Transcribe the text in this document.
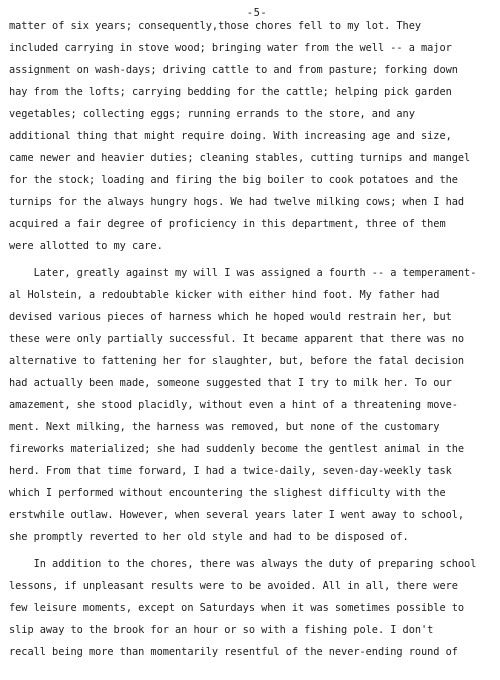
-5-
matter of six years; consequently,those chores fell to my lot. They
included carrying in stove wood; bringing water from the well -- a major
assignment on wash-days; driving cattle to and from pasture; forking down
hay from the lofts; carrying bedding for the cattle; helping pick garden
vegetables; collecting eggs; running errands to the store, and any
additional thing that might require doing. With increasing age and size,
came newer and heavier duties; cleaning stables, cutting turnips and mangel
for the stock; loading and firing the big boiler to cook potatoes and the
turnips for the always hungry hogs. We had twelve milking cows; when I had
acquired a fair degree of proficiency in this department, three of them
were allotted to my care.
Later, greatly against my will I was assigned a fourth -- a temperament-
al Holstein, a redoubtable kicker with either hind foot. My father had
devised various pieces of harness which he hoped would restrain her, but
these were only partially successful. It became apparent that there was no
alternative to fattening her for slaughter, but, before the fatal decision
had actually been made, someone suggested that I try to milk her. To our
amazement, she stood placidly, without even a hint of a threatening move-
ment. Next milking, the harness was removed, but none of the customary
fireworks materialized; she had suddenly become the gentlest animal in the
herd. From that time forward, I had a twice-daily, seven-day-weekly task
which I performed without encountering the slighest difficulty with the
erstwhile outlaw. However, when several years later I went away to school,
she promptly reverted to her old style and had to be disposed of.
In addition to the chores, there was always the duty of preparing school
lessons, if unpleasant results were to be avoided. All in all, there were
few leisure moments, except on Saturdays when it was sometimes possible to
slip away to the brook for an hour or so with a fishing pole. I don't
recall being more than momentarily resentful of the never-ending round of
